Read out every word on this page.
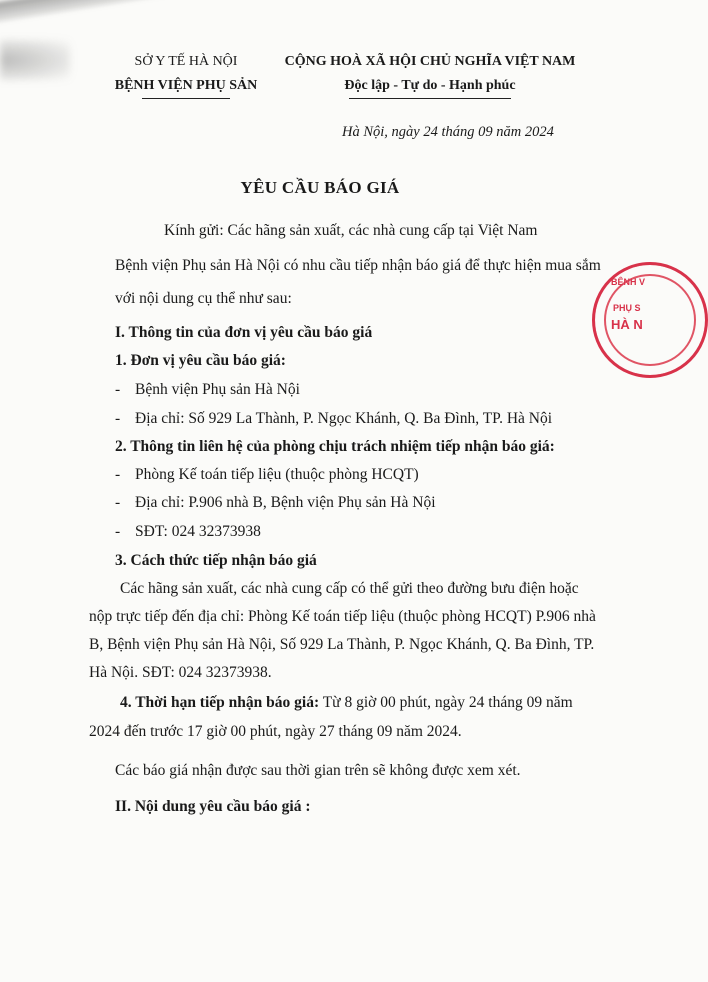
SỞ Y TẾ HÀ NỘI
BỆNH VIỆN PHỤ SẢN
CỘNG HOÀ XÃ HỘI CHỦ NGHĨA VIỆT NAM
Độc lập - Tự do - Hạnh phúc
Hà Nội, ngày 24 tháng 09 năm 2024
YÊU CẦU BÁO GIÁ
Kính gửi: Các hãng sản xuất, các nhà cung cấp tại Việt Nam
Bệnh viện Phụ sản Hà Nội có nhu cầu tiếp nhận báo giá để thực hiện mua sắm
với nội dung cụ thể như sau:
I. Thông tin của đơn vị yêu cầu báo giá
1. Đơn vị yêu cầu báo giá:
- Bệnh viện Phụ sản Hà Nội
- Địa chỉ: Số 929 La Thành, P. Ngọc Khánh, Q. Ba Đình, TP. Hà Nội
2. Thông tin liên hệ của phòng chịu trách nhiệm tiếp nhận báo giá:
- Phòng Kế toán tiếp liệu (thuộc phòng HCQT)
- Địa chỉ: P.906 nhà B, Bệnh viện Phụ sản Hà Nội
- SĐT: 024 32373938
3. Cách thức tiếp nhận báo giá
Các hãng sản xuất, các nhà cung cấp có thể gửi theo đường bưu điện hoặc
nộp trực tiếp đến địa chỉ: Phòng Kế toán tiếp liệu (thuộc phòng HCQT) P.906 nhà
B, Bệnh viện Phụ sản Hà Nội, Số 929 La Thành, P. Ngọc Khánh, Q. Ba Đình, TP.
Hà Nội. SĐT: 024 32373938.
4. Thời hạn tiếp nhận báo giá: Từ 8 giờ 00 phút, ngày 24 tháng 09 năm
2024 đến trước 17 giờ 00 phút, ngày 27 tháng 09 năm 2024.
Các báo giá nhận được sau thời gian trên sẽ không được xem xét.
II. Nội dung yêu cầu báo giá :
BỆNH V
PHỤ S
HÀ N
